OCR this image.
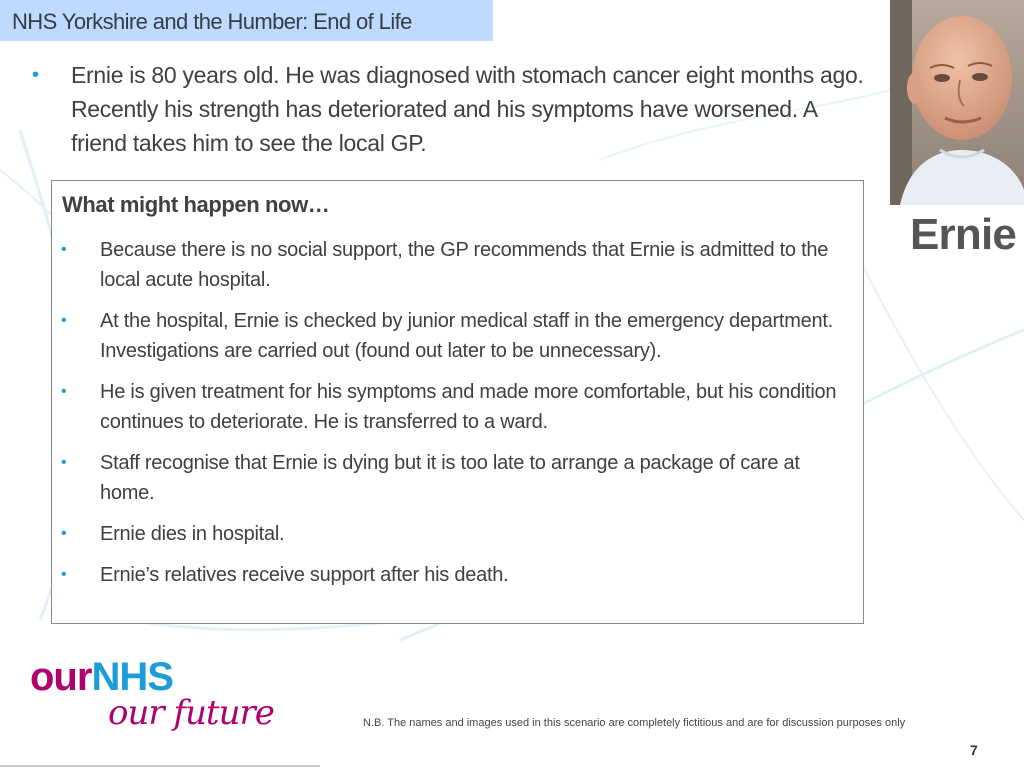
NHS Yorkshire and the Humber: End of Life
• Ernie is 80 years old. He was diagnosed with stomach cancer eight months ago. Recently his strength has deteriorated and his symptoms have worsened. A friend takes him to see the local GP.
What might happen now…
• Because there is no social support, the GP recommends that Ernie is admitted to the local acute hospital.
• At the hospital, Ernie is checked by junior medical staff in the emergency department. Investigations are carried out (found out later to be unnecessary).
• He is given treatment for his symptoms and made more comfortable, but his condition continues to deteriorate. He is transferred to a ward.
• Staff recognise that Ernie is dying but it is too late to arrange a package of care at home.
• Ernie dies in hospital.
• Ernie’s relatives receive support after his death.
Ernie
ourNHS
our future	N.B. The names and images used in this scenario are completely fictitious and are for discussion purposes only
7
